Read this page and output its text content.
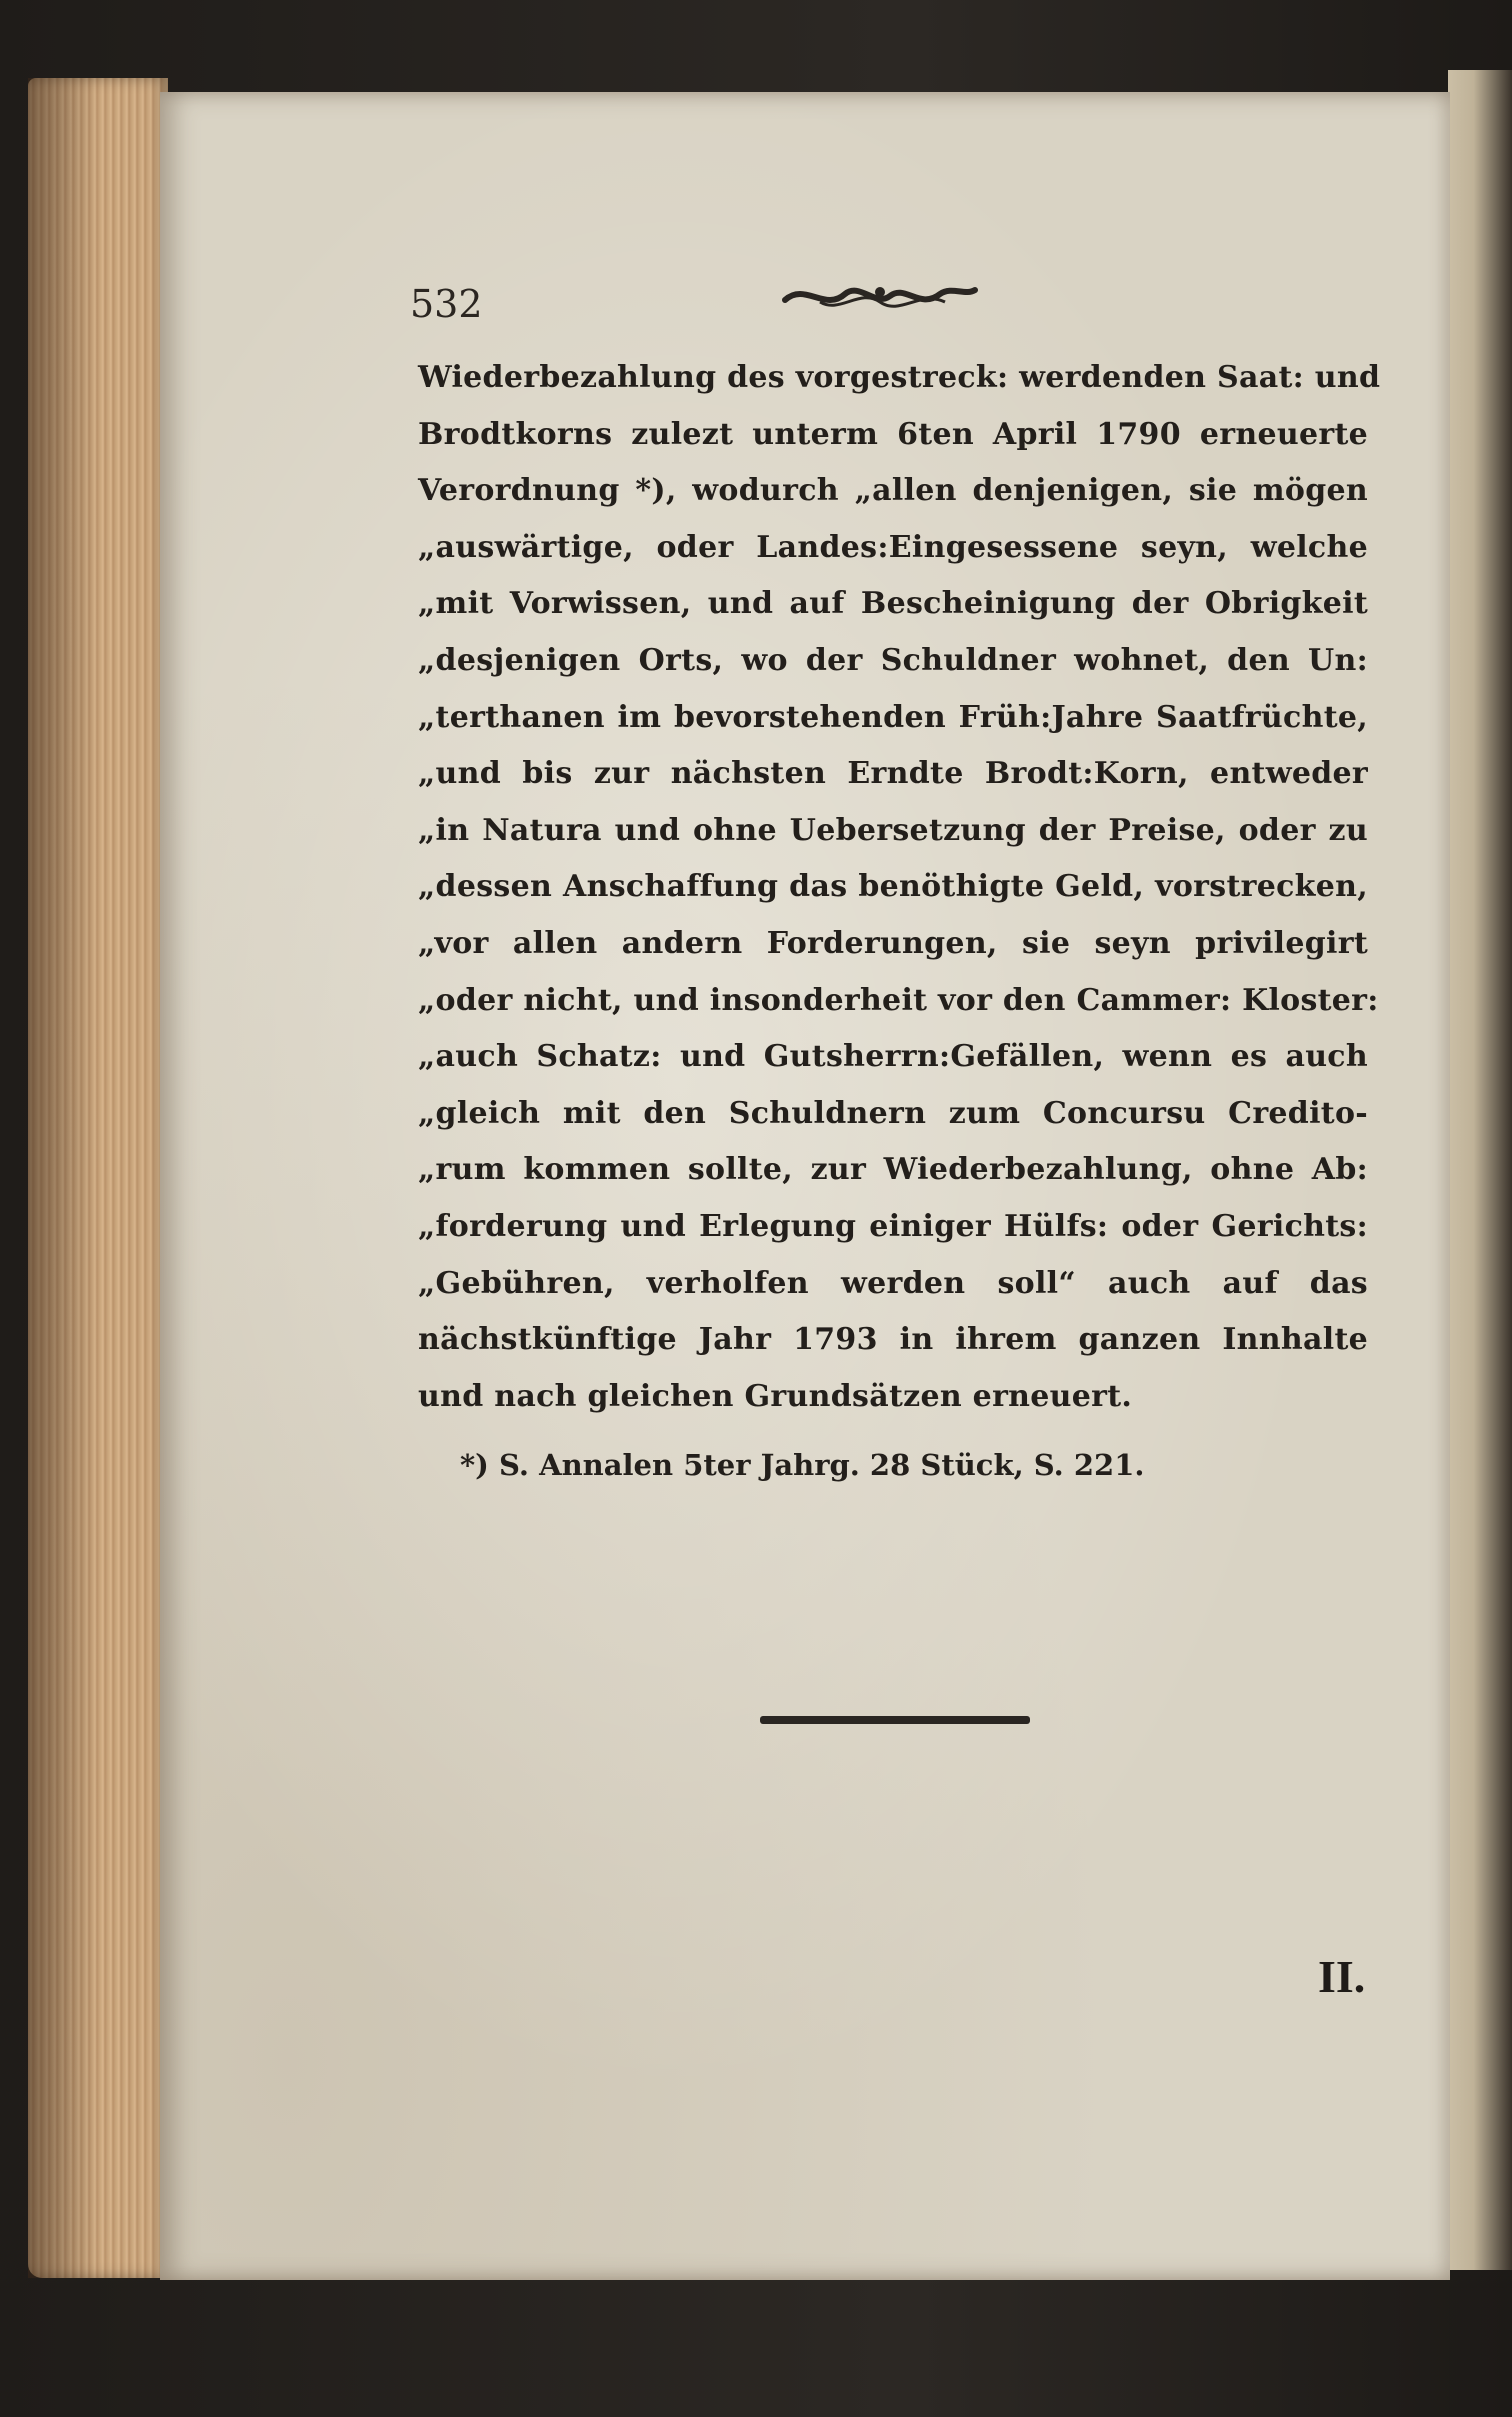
532
Wiederbezahlung des vorgestreck: werdenden Saat: und
Brodtkorns zulezt unterm 6ten April 1790 erneuerte
Verordnung *), wodurch „allen denjenigen, sie mögen
„auswärtige, oder Landes:Eingesessene seyn, welche
„mit Vorwissen, und auf Bescheinigung der Obrigkeit
„desjenigen Orts, wo der Schuldner wohnet, den Un:
„terthanen im bevorstehenden Früh:Jahre Saatfrüchte,
„und bis zur nächsten Erndte Brodt:Korn, entweder
„in Natura und ohne Uebersetzung der Preise, oder zu
„dessen Anschaffung das benöthigte Geld, vorstrecken,
„vor allen andern Forderungen, sie seyn privilegirt
„oder nicht, und insonderheit vor den Cammer: Kloster:
„auch Schatz: und Gutsherrn:Gefällen, wenn es auch
„gleich mit den Schuldnern zum Concursu Credito-
„rum kommen sollte, zur Wiederbezahlung, ohne Ab:
„forderung und Erlegung einiger Hülfs: oder Gerichts:
„Gebühren, verholfen werden soll“ auch auf das
nächstkünftige Jahr 1793 in ihrem ganzen Innhalte
und nach gleichen Grundsätzen erneuert.
*) S. Annalen 5ter Jahrg. 28 Stück, S. 221.
II.
